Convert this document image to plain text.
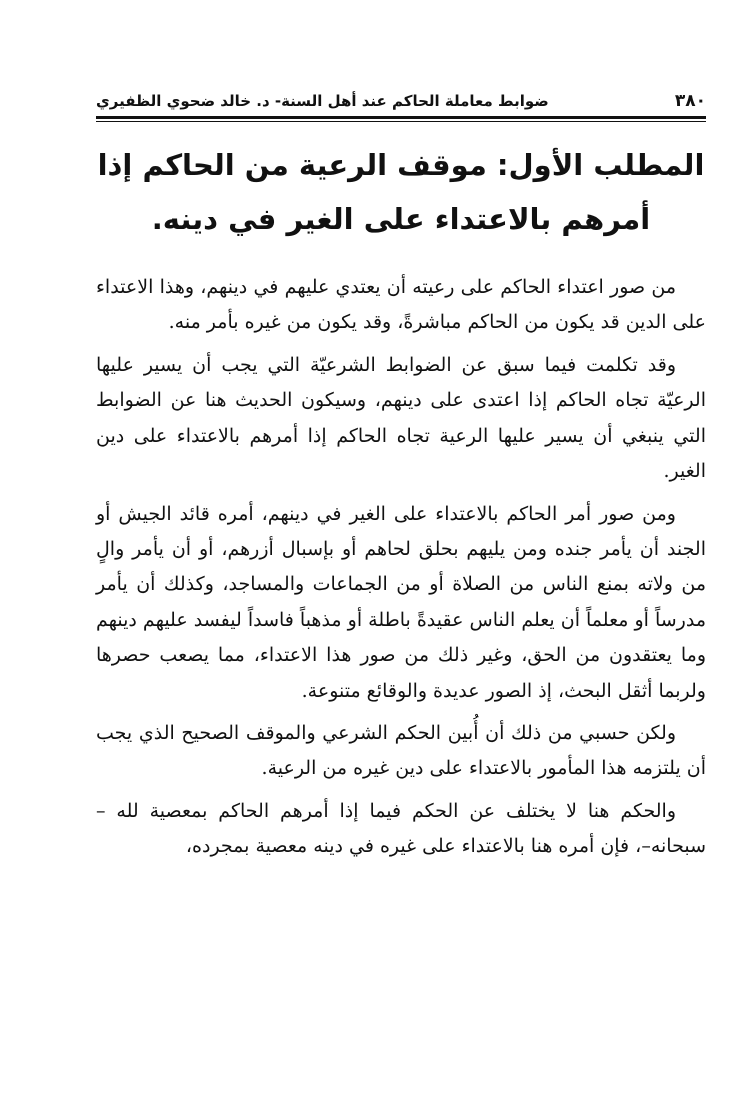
٣٨٠
ضوابط معاملة الحاكم عند أهل السنة- د. خالد ضحوي الظفيري
المطلب الأول: موقف الرعية من الحاكم إذا أمرهم بالاعتداء على الغير في دينه.

من صور اعتداء الحاكم على رعيته أن يعتدي عليهم في دينهم، وهذا الاعتداء على الدين قد يكون من الحاكم مباشرةً، وقد يكون من غيره بأمر منه.

وقد تكلمت فيما سبق عن الضوابط الشرعيّة التي يجب أن يسير عليها الرعيّة تجاه الحاكم إذا اعتدى على دينهم، وسيكون الحديث هنا عن الضوابط التي ينبغي أن يسير عليها الرعية تجاه الحاكم إذا أمرهم بالاعتداء على دين الغير.

ومن صور أمر الحاكم بالاعتداء على الغير في دينهم، أمره قائد الجيش أو الجند أن يأمر جنده ومن يليهم بحلق لحاهم أو بإسبال أزرهم، أو أن يأمر والٍ من ولاته بمنع الناس من الصلاة أو من الجماعات والمساجد، وكذلك أن يأمر مدرساً أو معلماً أن يعلم الناس عقيدةً باطلة أو مذهباً فاسداً ليفسد عليهم دينهم وما يعتقدون من الحق، وغير ذلك من صور هذا الاعتداء، مما يصعب حصرها ولربما أثقل البحث، إذ الصور عديدة والوقائع متنوعة.

ولكن حسبي من ذلك أن أُبين الحكم الشرعي والموقف الصحيح الذي يجب أن يلتزمه هذا المأمور بالاعتداء على دين غيره من الرعية.

والحكم هنا لا يختلف عن الحكم فيما إذا أمرهم الحاكم بمعصية لله –سبحانه–، فإن أمره هنا بالاعتداء على غيره في دينه معصية بمجرده،
